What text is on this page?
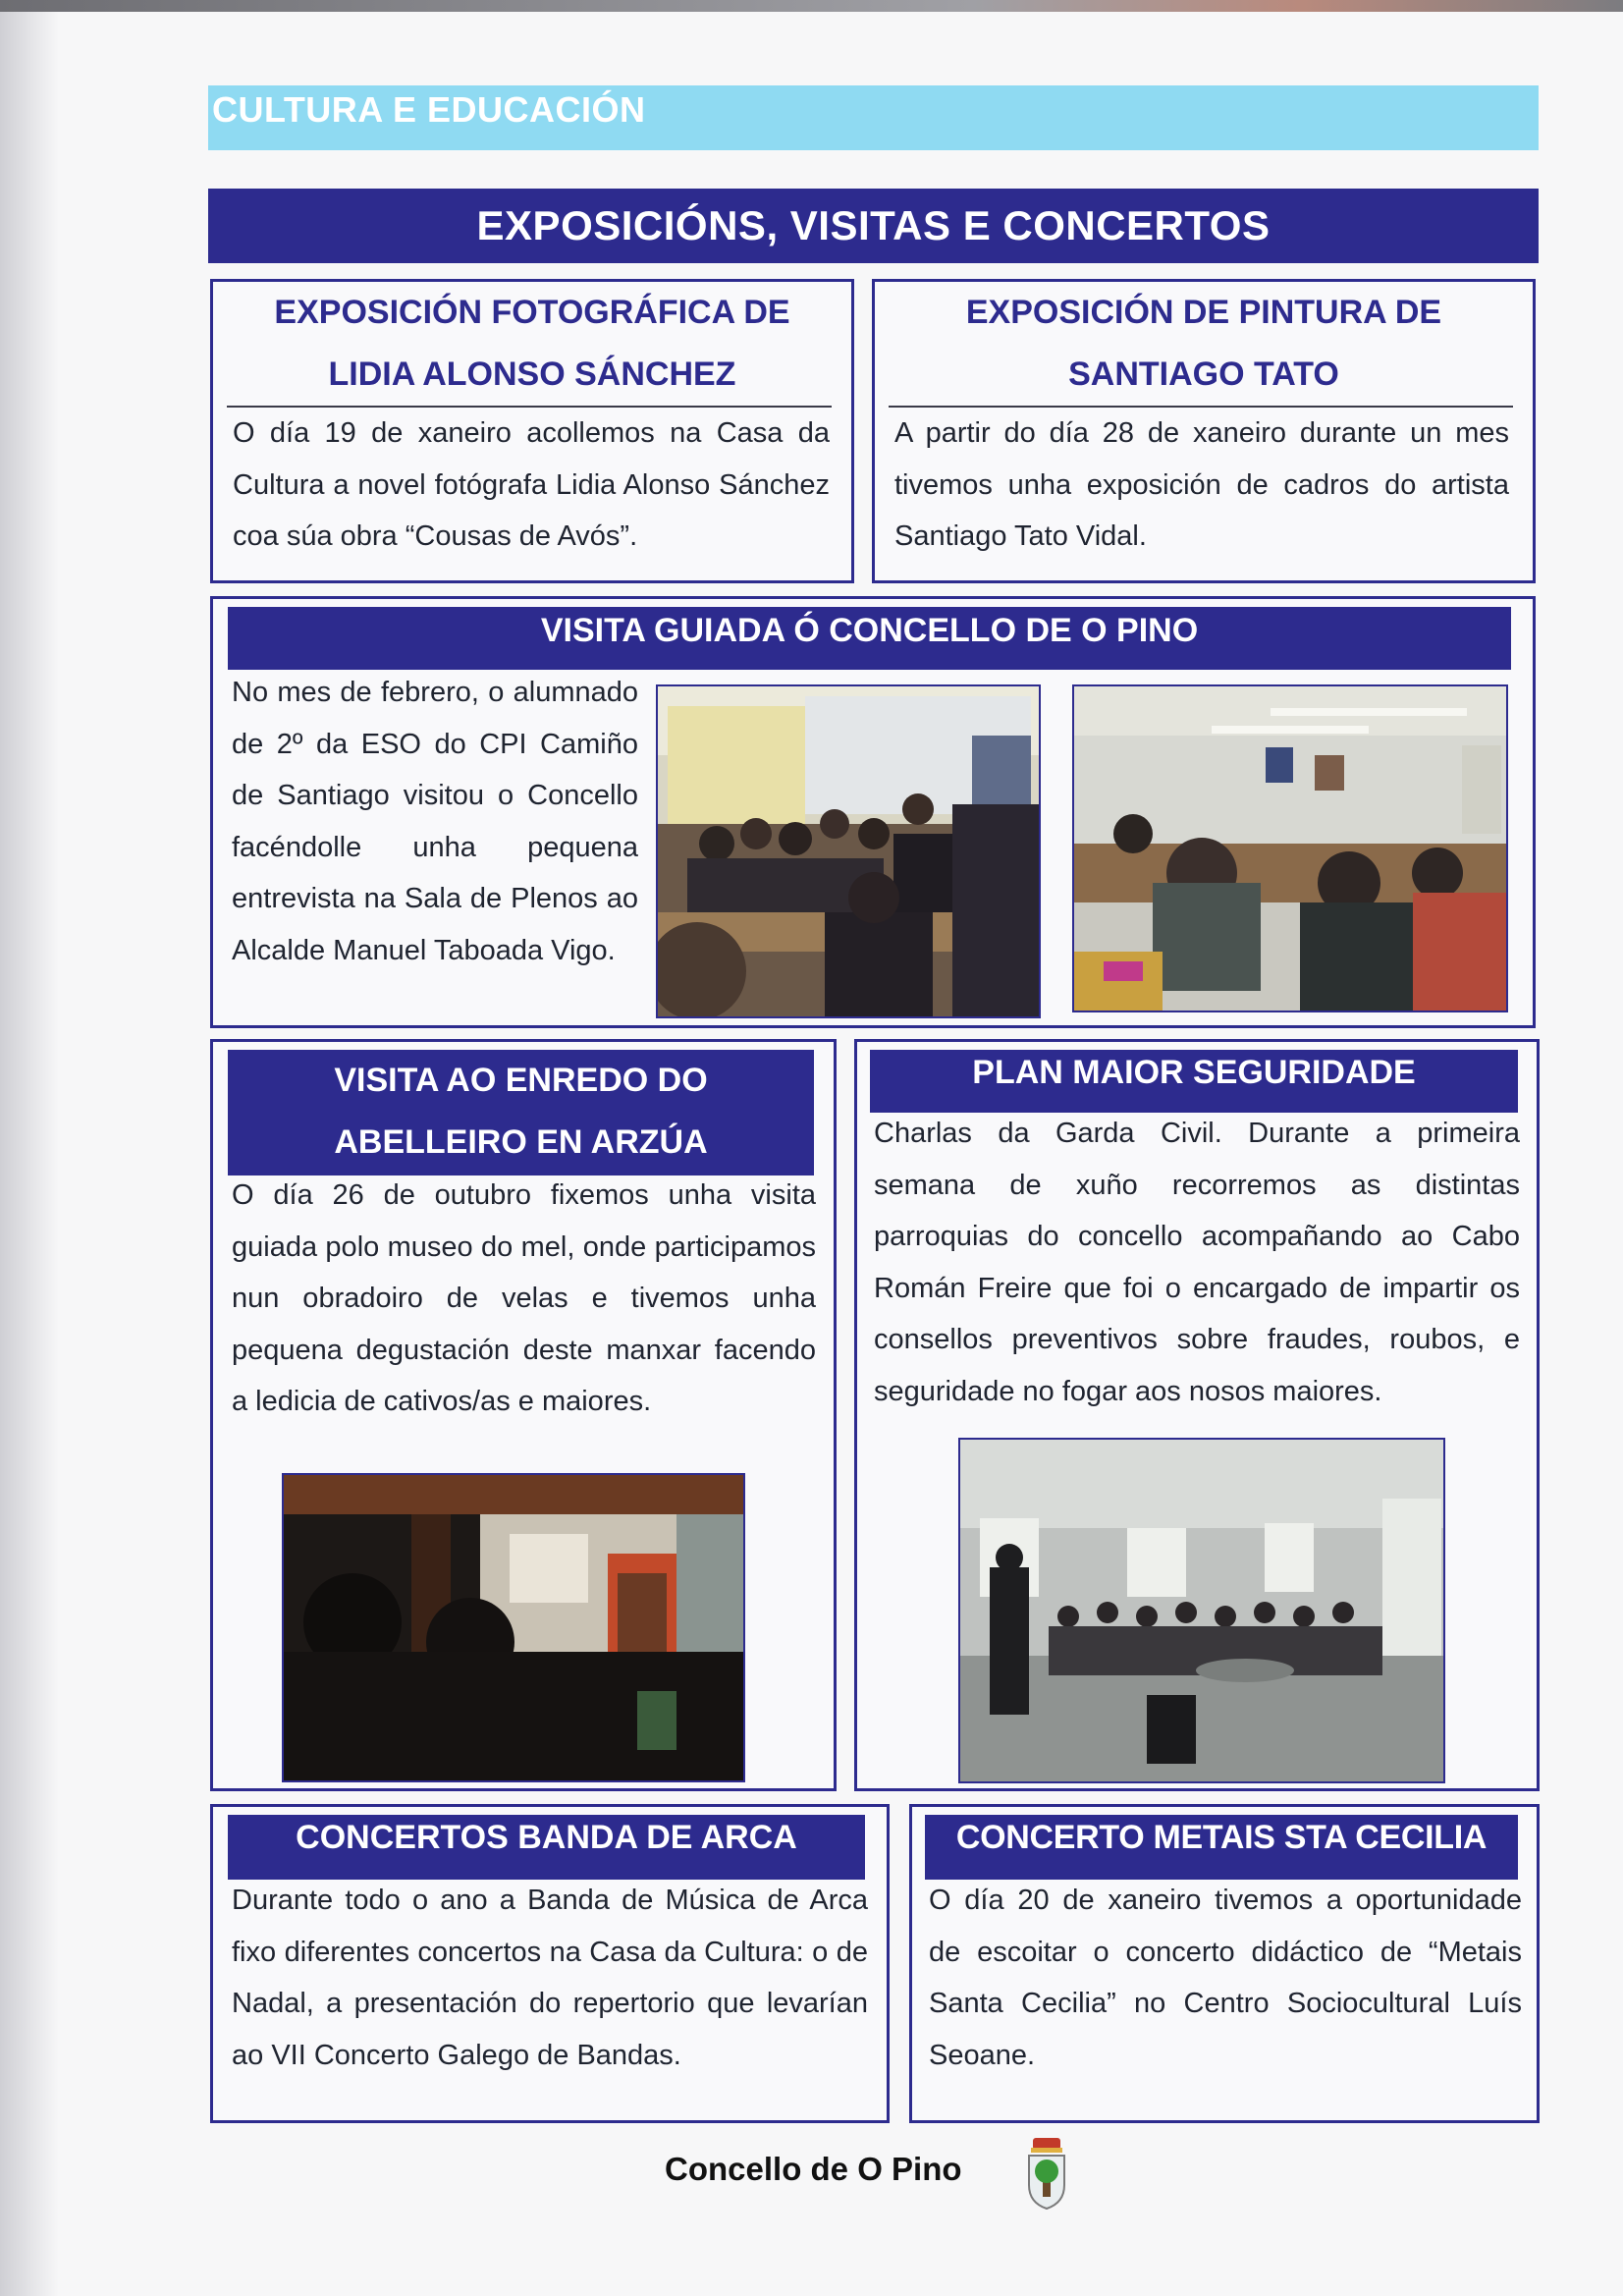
CULTURA E EDUCACIÓN
EXPOSICIÓNS, VISITAS E CONCERTOS
EXPOSICIÓN FOTOGRÁFICA DE
LIDIA ALONSO SÁNCHEZ
O día 19 de xaneiro acollemos na Casa da Cultura a novel fotógrafa Lidia Alonso Sánchez coa súa obra “Cousas de Avós”.
EXPOSICIÓN DE PINTURA DE
SANTIAGO TATO
A partir do día 28 de xaneiro durante un mes tivemos unha exposición de cadros do artista Santiago Tato Vidal.
VISITA GUIADA Ó CONCELLO DE O PINO
No mes de febrero, o alumnado de 2º da ESO do CPI Camiño de Santiago visitou o Concello facéndolle unha pequena entrevista na Sala de Plenos ao Alcalde Manuel Taboada Vigo.
VISITA AO ENREDO DO
ABELLEIRO EN ARZÚA
O día 26 de outubro fixemos unha visita guiada polo museo do mel, onde participamos nun obradoiro de velas e tivemos unha pequena degustación deste manxar facendo a ledicia de cativos/as e maiores.
PLAN MAIOR SEGURIDADE
Charlas da Garda Civil. Durante a primeira semana de xuño recorremos as distintas parroquias do concello acompañando ao Cabo Román Freire que foi o encargado de impartir os consellos preventivos sobre fraudes, roubos, e seguridade no fogar aos nosos maiores.
CONCERTOS BANDA DE ARCA
Durante todo o ano a Banda de Música de Arca fixo diferentes concertos na Casa da Cultura: o de Nadal, a presentación do repertorio que levarían ao VII Concerto Galego de Bandas.
CONCERTO METAIS STA CECILIA
O día 20 de xaneiro tivemos a oportunidade de escoitar o concerto didáctico de “Metais Santa Cecilia” no Centro Sociocultural Luís Seoane.
Concello de O Pino
